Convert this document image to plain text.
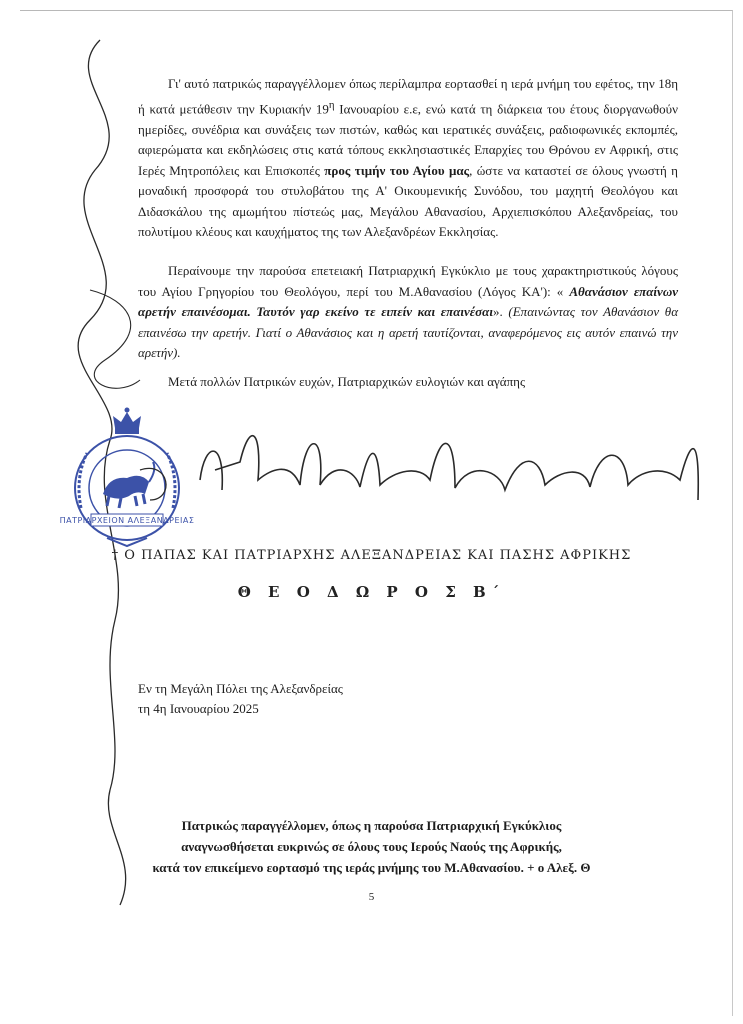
Γι' αυτό πατρικώς παραγγέλλομεν όπως περίλαμπρα εορτασθεί η ιερά μνήμη του εφέτος, την 18η ή κατά μετάθεσιν την Κυριακήν $19^\eta$ Ιανουαρίου ε.ε, ενώ κατά τη διάρκεια του έτους διοργανωθούν ημερίδες, συνέδρια και συνάξεις των πιστών, καθώς και ιερατικές συνάξεις, ραδιοφωνικές εκπομπές, αφιερώματα και εκδηλώσεις στις κατά τόπους εκκλησιαστικές Επαρχίες του Θρόνου εν Αφρική, στις Ιερές Μητροπόλεις και Επισκοπές προς τιμήν του Αγίου μας, ώστε να καταστεί σε όλους γνωστή η μοναδική προσφορά του στυλοβάτου της Α' Οικουμενικής Συνόδου, του μαχητή Θεολόγου και Διδασκάλου της αμωμήτου πίστεώς μας, Μεγάλου Αθανασίου, Αρχιεπισκόπου Αλεξανδρείας, του πολυτίμου κλέους και καυχήματος της των Αλεξανδρέων Εκκλησίας.
Περαίνουμε την παρούσα επετειακή Πατριαρχική Εγκύκλιο με τους χαρακτηριστικούς λόγους του Αγίου Γρηγορίου του Θεολόγου, περί του Μ.Αθανασίου (Λόγος ΚΑ'): « Αθανάσιον επαίνων αρετήν επαινέσομαι. Ταυτόν γαρ εκείνο τε ειπείν και επαινέσαι». (Επαινώντας τον Αθανάσιον θα επαινέσω την αρετήν. Γιατί ο Αθανάσιος και η αρετή ταυτίζονται, αναφερόμενος εις αυτόν επαινώ την αρετήν).
Μετά πολλών Πατρικών ευχών, Πατριαρχικών ευλογιών και αγάπης
ΠΑΤΡΙΑΡΧΕΙΟΝ ΑΛΕΞΑΝΔΡΕΙΑΣ
† Ο ΠΑΠΑΣ ΚΑΙ ΠΑΤΡΙΑΡΧΗΣ ΑΛΕΞΑΝΔΡΕΙΑΣ ΚΑΙ ΠΑΣΗΣ ΑΦΡΙΚΗΣ
Θ Ε Ο Δ Ω Ρ Ο Σ Β΄
Εν τη Μεγάλη Πόλει της Αλεξανδρείας
τη 4η Ιανουαρίου 2025
Πατρικώς παραγγέλλομεν, όπως η παρούσα Πατριαρχική Εγκύκλιος
αναγνωσθήσεται ευκρινώς σε όλους τους Ιερούς Ναούς της Αφρικής,
κατά τον επικείμενο εορτασμό της ιεράς μνήμης του Μ.Αθανασίου. + ο Αλεξ. Θ
5
